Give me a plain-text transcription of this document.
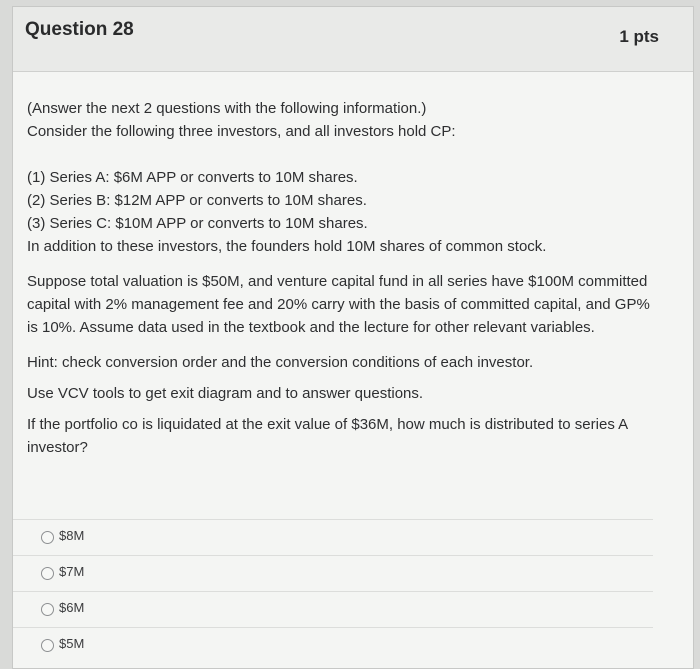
Question 28	1 pts

(Answer the next 2 questions with the following information.)

Consider the following three investors, and all investors hold CP:

(1) Series A: $6M APP or converts to 10M shares.

(2) Series B: $12M APP or converts to 10M shares.

(3) Series C: $10M APP or converts to 10M shares.

In addition to these investors, the founders hold 10M shares of common stock.

Suppose total valuation is $50M, and venture capital fund in all series have $100M committed capital with 2% management fee and 20% carry with the basis of committed capital, and GP% is 10%. Assume data used in the textbook and the lecture for other relevant variables.

Hint: check conversion order and the conversion conditions of each investor.

Use VCV tools to get exit diagram and to answer questions.

If the portfolio co is liquidated at the exit value of $36M, how much is distributed to series A investor?

$8M
$7M
$6M
$5M
